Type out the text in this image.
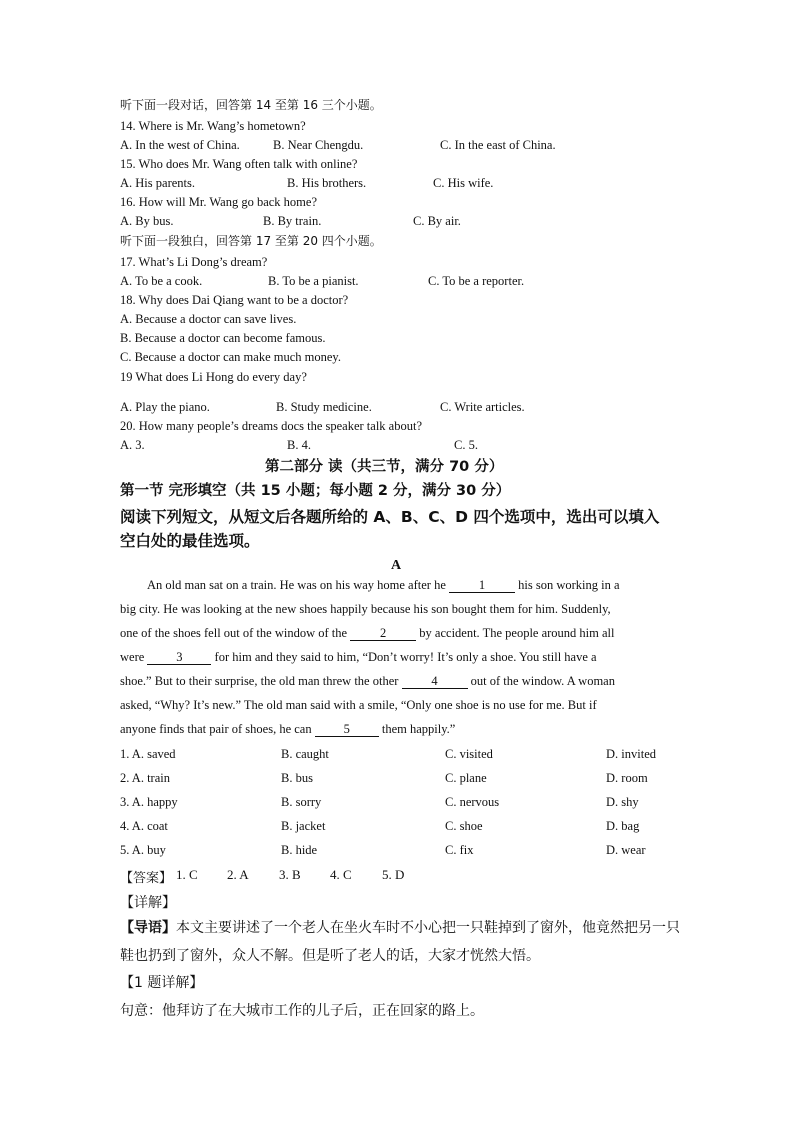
听下面一段对话，回答第 14 至第 16 三个小题。
14. Where is Mr. Wang’s hometown?
A. In the west of China.	B. Near Chengdu.	C. In the east of China.
15. Who does Mr. Wang often talk with online?
A. His parents.	B. His brothers.	C. His wife.
16. How will Mr. Wang go back home?
A. By bus.	B. By train.	C. By air.
听下面一段独白，回答第 17 至第 20 四个小题。
17. What’s Li Dong’s dream?
A. To be a cook.	B. To be a pianist.	C. To be a reporter.
18. Why does Dai Qiang want to be a doctor?
A. Because a doctor can save lives.
B. Because a doctor can become famous.
C. Because a doctor can make much money.
19 What does Li Hong do every day?
A. Play the piano.	B. Study medicine.	C. Write articles.
20. How many people’s dreams docs the speaker talk about?
A. 3.	B. 4.	C. 5.
第二部分 读（共三节，满分 70 分）
第一节 完形填空（共 15 小题；每小题 2 分，满分 30 分）
阅读下列短文，从短文后各题所给的 A、B、C、D 四个选项中，选出可以填入
空白处的最佳选项。
A
An old man sat on a train. He was on his way home after he 1 his son working in a
big city. He was looking at the new shoes happily because his son bought them for him. Suddenly,
one of the shoes fell out of the window of the 2 by accident. The people around him all
were 3 for him and they said to him, “Don’t worry! It’s only a shoe. You still have a
shoe.” But to their surprise, the old man threw the other 4 out of the window. A woman
asked, “Why? It’s new.” The old man said with a smile, “Only one shoe is no use for me. But if
anyone finds that pair of shoes, he can 5 them happily.”
1. A. saved	B. caught	C. visited	D. invited
2. A. train	B. bus	C. plane	D. room
3. A. happy	B. sorry	C. nervous	D. shy
4. A. coat	B. jacket	C. shoe	D. bag
5. A. buy	B. hide	C. fix	D. wear
【答案】 1. C 2. A 3. B 4. C 5. D
【详解】
【导语】本文主要讲述了一个老人在坐火车时不小心把一只鞋掉到了窗外，他竟然把另一只
鞋也扔到了窗外，众人不解。但是听了老人的话，大家才恍然大悟。
【1 题详解】
句意：他拜访了在大城市工作的儿子后，正在回家的路上。
